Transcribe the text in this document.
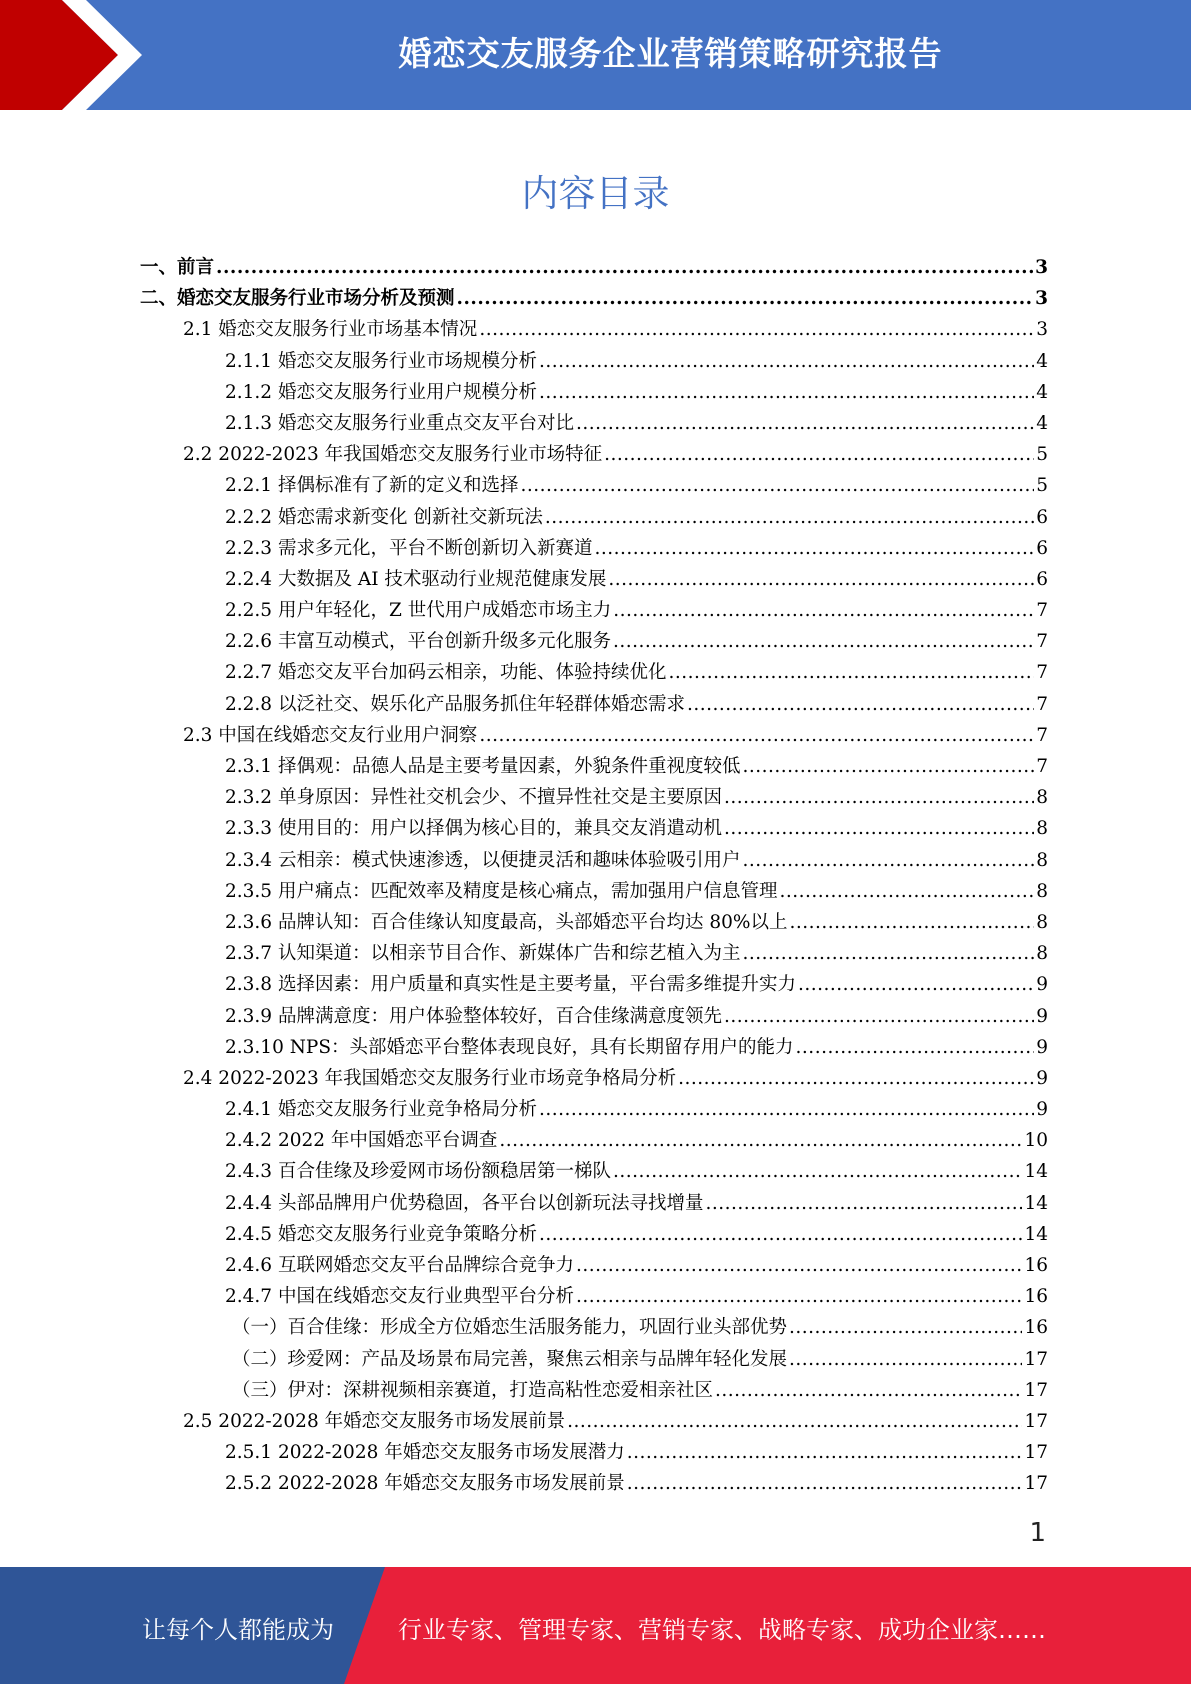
婚恋交友服务企业营销策略研究报告
内容目录
一、前言 .....	3
二、婚恋交友服务行业市场分析及预测 .....	3
2.1 婚恋交友服务行业市场基本情况 .....	3
2.1.1 婚恋交友服务行业市场规模分析 .....	4
2.1.2 婚恋交友服务行业用户规模分析 .....	4
2.1.3 婚恋交友服务行业重点交友平台对比 .....	4
2.2 2022-2023 年我国婚恋交友服务行业市场特征 .....	5
2.2.1 择偶标准有了新的定义和选择 .....	5
2.2.2 婚恋需求新变化 创新社交新玩法 .....	6
2.2.3 需求多元化，平台不断创新切入新赛道 .....	6
2.2.4 大数据及 AI 技术驱动行业规范健康发展 .....	6
2.2.5 用户年轻化，Z 世代用户成婚恋市场主力 .....	7
2.2.6 丰富互动模式，平台创新升级多元化服务 .....	7
2.2.7 婚恋交友平台加码云相亲，功能、体验持续优化 .....	7
2.2.8 以泛社交、娱乐化产品服务抓住年轻群体婚恋需求 .....	7
2.3 中国在线婚恋交友行业用户洞察 .....	7
2.3.1 择偶观：品德人品是主要考量因素，外貌条件重视度较低 .....	7
2.3.2 单身原因：异性社交机会少、不擅异性社交是主要原因 .....	8
2.3.3 使用目的：用户以择偶为核心目的，兼具交友消遣动机 .....	8
2.3.4 云相亲：模式快速渗透，以便捷灵活和趣味体验吸引用户 .....	8
2.3.5 用户痛点：匹配效率及精度是核心痛点，需加强用户信息管理 .....	8
2.3.6 品牌认知：百合佳缘认知度最高，头部婚恋平台均达 80%以上 .....	8
2.3.7 认知渠道：以相亲节目合作、新媒体广告和综艺植入为主 .....	8
2.3.8 选择因素：用户质量和真实性是主要考量，平台需多维提升实力 .....	9
2.3.9 品牌满意度：用户体验整体较好，百合佳缘满意度领先 .....	9
2.3.10 NPS：头部婚恋平台整体表现良好，具有长期留存用户的能力 .....	9
2.4 2022-2023 年我国婚恋交友服务行业市场竞争格局分析 .....	9
2.4.1 婚恋交友服务行业竞争格局分析 .....	9
2.4.2 2022 年中国婚恋平台调查 .....	10
2.4.3 百合佳缘及珍爱网市场份额稳居第一梯队 .....	14
2.4.4 头部品牌用户优势稳固，各平台以创新玩法寻找增量 .....	14
2.4.5 婚恋交友服务行业竞争策略分析 .....	14
2.4.6 互联网婚恋交友平台品牌综合竞争力 .....	16
2.4.7 中国在线婚恋交友行业典型平台分析 .....	16
（一）百合佳缘：形成全方位婚恋生活服务能力，巩固行业头部优势 .....	16
（二）珍爱网：产品及场景布局完善，聚焦云相亲与品牌年轻化发展 .....	17
（三）伊对：深耕视频相亲赛道，打造高粘性恋爱相亲社区 .....	17
2.5 2022-2028 年婚恋交友服务市场发展前景 .....	17
2.5.1 2022-2028 年婚恋交友服务市场发展潜力 .....	17
2.5.2 2022-2028 年婚恋交友服务市场发展前景 .....	17
1
让每个人都能成为	行业专家、管理专家、营销专家、战略专家、成功企业家……
